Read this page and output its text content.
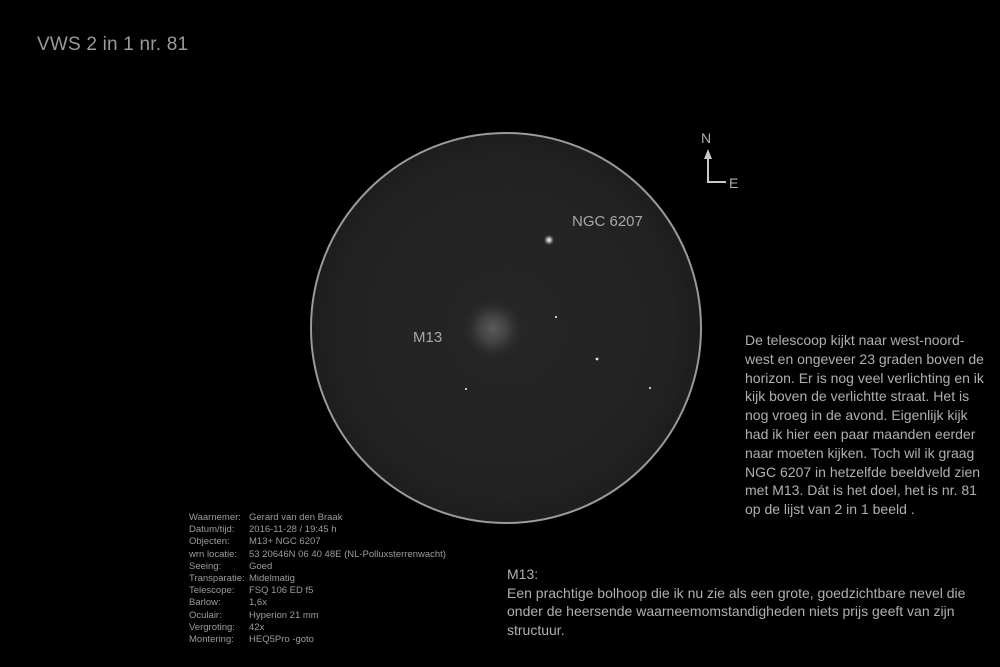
VWS 2 in 1 nr. 81
NGC 6207
M13
N
E
De telescoop kijkt naar west-noord-west en ongeveer 23 graden boven de horizon. Er is nog veel verlichting en ik kijk boven de verlichtte straat. Het is nog vroeg in de avond. Eigenlijk kijk had ik hier een paar maanden eerder naar moeten kijken. Toch wil ik graag NGC 6207 in hetzelfde beeldveld zien met M13. Dát is het doel, het is nr. 81 op de lijst van 2 in 1 beeld .
M13:
Een prachtige bolhoop die ik nu zie als een grote, goedzichtbare nevel die onder de heersende waarneemomstandigheden niets prijs geeft van zijn structuur.
Waarnemer:	Gerard van den Braak
Datum/tijd:	2016-11-28 / 19:45 h
Objecten:	M13+ NGC 6207
wrn locatie:	53 20646N 06 40 48E (NL-Polluxsterrenwacht)
Seeing:	Goed
Transparatie:	Midelmatig
Telescope:	FSQ 106 ED f5
Barlow:	1,6x
Oculair:	Hyperion 21 mm
Vergroting:	42x
Montering:	HEQ5Pro -goto
